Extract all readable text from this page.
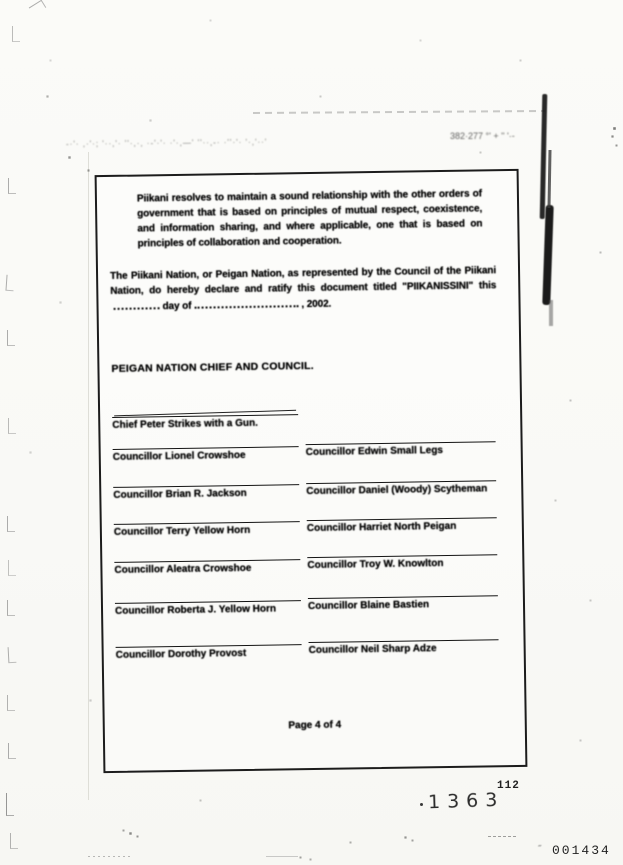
-·'· ,·'·; '··,'· ''·,·, ·-'·'· ·'·,—' ''··,-· ·''·'· '·,'··'
382·277 °' + '' '·-
Piikani resolves to maintain a sound relationship with the other orders of government that is based on principles of mutual respect, coexistence, and information sharing, and where applicable, one that is based on principles of collaboration and cooperation.
The Piikani Nation, or Peigan Nation, as represented by the Council of the Piikani Nation, do hereby declare and ratify this document titled "PIIKANISSINI" thisday of	, 2002.
PEIGAN NATION CHIEF AND COUNCIL.
Chief Peter Strikes with a Gun.
Councillor Lionel Crowshoe	Councillor Edwin Small Legs
Councillor Brian R. Jackson	Councillor Daniel (Woody) Scytheman
Councillor Terry Yellow Horn	Councillor Harriet North Peigan
Councillor Aleatra Crowshoe	Councillor Troy W. Knowlton
Councillor Roberta J. Yellow Horn	Councillor Blaine Bastien
Councillor Dorothy Provost	Councillor Neil Sharp Adze
Page 4 of 4
1363
112
˝ 001434
